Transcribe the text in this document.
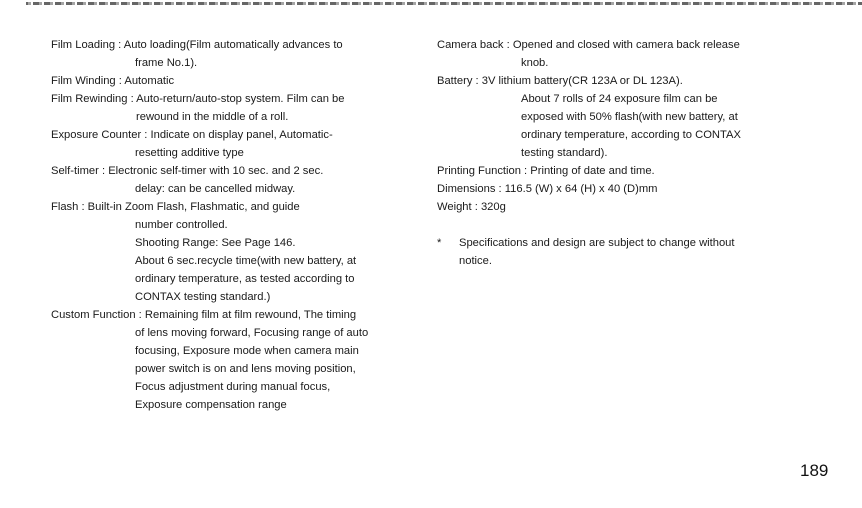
Film Loading : Auto loading(Film automatically advances to
frame No.1).
Film Winding : Automatic
Film Rewinding : Auto-return/auto-stop system. Film can be
rewound in the middle of a roll.
Exposure Counter : Indicate on display panel, Automatic-
resetting additive type
Self-timer : Electronic self-timer with 10 sec. and 2 sec.
delay: can be cancelled midway.
Flash : Built-in Zoom Flash, Flashmatic, and guide
number controlled.
Shooting Range: See Page 146.
About 6 sec.recycle time(with new battery, at
ordinary temperature, as tested according to
CONTAX testing standard.)
Custom Function : Remaining film at film rewound, The timing
of lens moving forward, Focusing range of auto
focusing, Exposure mode when camera main
power switch is on and lens moving position,
Focus adjustment during manual focus,
Exposure compensation range
Camera back : Opened and closed with camera back release
knob.
Battery : 3V lithium battery(CR 123A or DL 123A).
About 7 rolls of 24 exposure film can be
exposed with 50% flash(with new battery, at
ordinary temperature, according to CONTAX
testing standard).
Printing Function : Printing of date and time.
Dimensions : 116.5 (W) x 64 (H) x 40 (D)mm
Weight : 320g
*	Specifications and design are subject to change without
notice.
189
